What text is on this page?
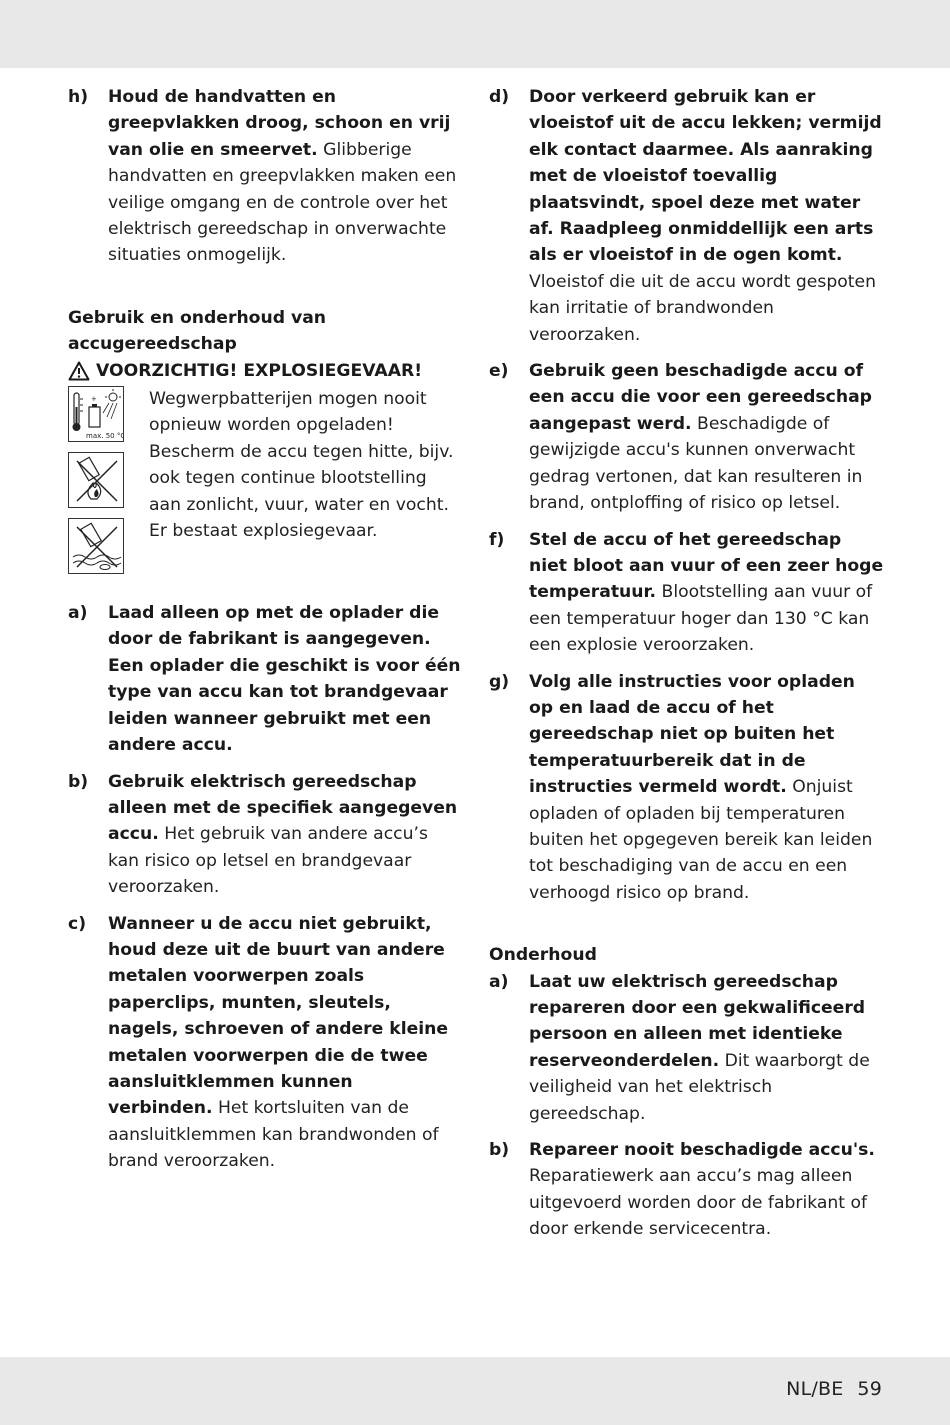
h)	Houd de handvatten en greepvlakken droog, schoon en vrij van olie en smeervet. Glibberige handvatten en greepvlakken maken een veilige omgang en de controle over het elektrisch gereedschap in onverwachte situaties onmogelijk.
Gebruik en onderhoud van accugereedschap
VOORZICHTIG! EXPLOSIEGEVAAR!
+
max. 50 °C
Wegwerpbatterijen mogen nooit opnieuw worden opgeladen! Bescherm de accu tegen hitte, bijv. ook tegen continue blootstelling aan zonlicht, vuur, water en vocht. Er bestaat explosiegevaar.
a)	Laad alleen op met de oplader die door de fabrikant is aangegeven. Een oplader die geschikt is voor één type van accu kan tot brandgevaar leiden wanneer gebruikt met een andere accu.
b)	Gebruik elektrisch gereedschap alleen met de specifiek aangegeven accu. Het gebruik van andere accu’s kan risico op letsel en brandgevaar veroorzaken.
c)	Wanneer u de accu niet gebruikt, houd deze uit de buurt van andere metalen voorwerpen zoals paperclips, munten, sleutels, nagels, schroeven of andere kleine metalen voorwerpen die de twee aansluitklemmen kunnen verbinden. Het kortsluiten van de aansluitklemmen kan brandwonden of brand veroorzaken.
d)	Door verkeerd gebruik kan er vloeistof uit de accu lekken; vermijd elk contact daarmee. Als aanraking met de vloeistof toevallig plaatsvindt, spoel deze met water af. Raadpleeg onmiddellijk een arts als er vloeistof in de ogen komt. Vloeistof die uit de accu wordt gespoten kan irritatie of brandwonden veroorzaken.
e)	Gebruik geen beschadigde accu of een accu die voor een gereedschap aangepast werd. Beschadigde of gewijzigde accu's kunnen onverwacht gedrag vertonen, dat kan resulteren in brand, ontploffing of risico op letsel.
f)	Stel de accu of het gereedschap niet bloot aan vuur of een zeer hoge temperatuur. Blootstelling aan vuur of een temperatuur hoger dan 130 °C kan een explosie veroorzaken.
g)	Volg alle instructies voor opladen op en laad de accu of het gereedschap niet op buiten het temperatuurbereik dat in de instructies vermeld wordt. Onjuist opladen of opladen bij temperaturen buiten het opgegeven bereik kan leiden tot beschadiging van de accu en een verhoogd risico op brand.
Onderhoud
a)	Laat uw elektrisch gereedschap repareren door een gekwalificeerd persoon en alleen met identieke reserveonderdelen. Dit waarborgt de veiligheid van het elektrisch gereedschap.
b)	Repareer nooit beschadigde accu's. Reparatiewerk aan accu’s mag alleen uitgevoerd worden door de fabrikant of door erkende servicecentra.
NL/BE 59
